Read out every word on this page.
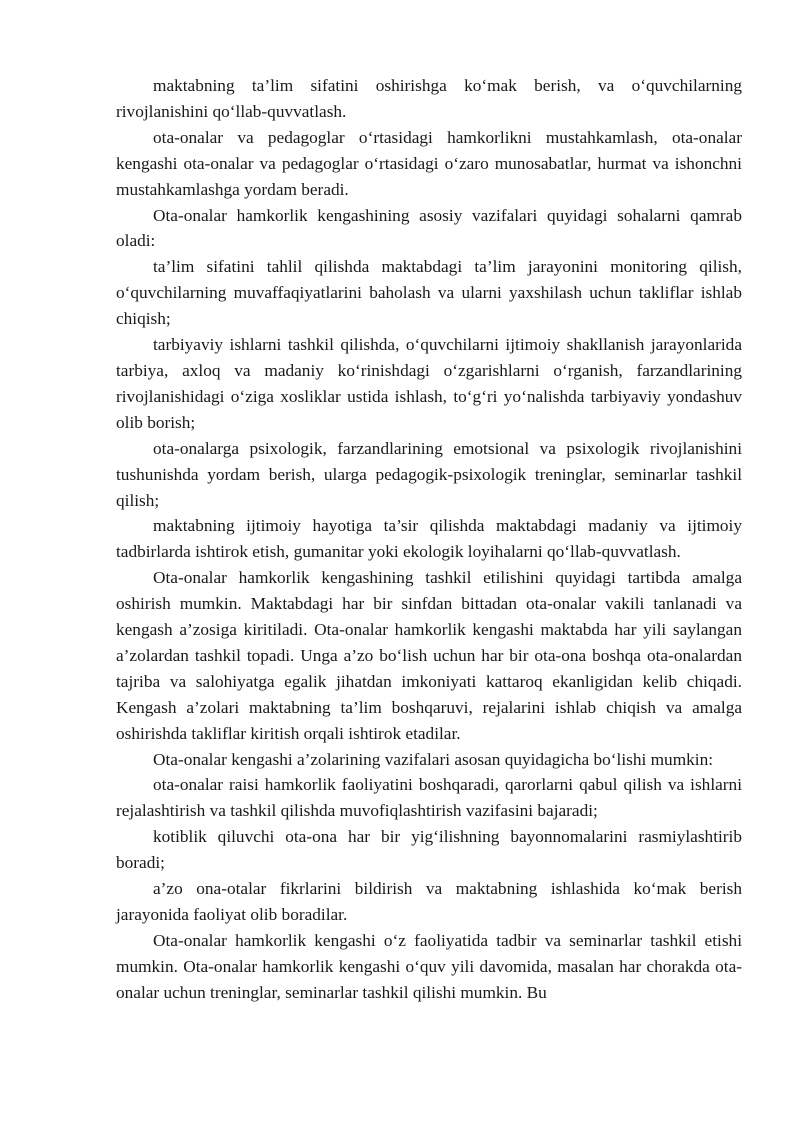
maktabning ta’lim sifatini oshirishga ko‘mak berish, va o‘quvchilarning rivojlanishini qo‘llab-quvvatlash.

ota-onalar va pedagoglar o‘rtasidagi hamkorlikni mustahkamlash, ota-onalar kengashi ota-onalar va pedagoglar o‘rtasidagi o‘zaro munosabatlar, hurmat va ishonchni mustahkamlashga yordam beradi.

Ota-onalar hamkorlik kengashining asosiy vazifalari quyidagi sohalarni qamrab oladi:

ta’lim sifatini tahlil qilishda maktabdagi ta’lim jarayonini monitoring qilish, o‘quvchilarning muvaffaqiyatlarini baholash va ularni yaxshilash uchun takliflar ishlab chiqish;

tarbiyaviy ishlarni tashkil qilishda, o‘quvchilarni ijtimoiy shakllanish jarayonlarida tarbiya, axloq va madaniy ko‘rinishdagi o‘zgarishlarni o‘rganish, farzandlarining rivojlanishidagi o‘ziga xosliklar ustida ishlash, to‘g‘ri yo‘nalishda tarbiyaviy yondashuv olib borish;

ota-onalarga psixologik, farzandlarining emotsional va psixologik rivojlanishini tushunishda yordam berish, ularga pedagogik-psixologik treninglar, seminarlar tashkil qilish;

maktabning ijtimoiy hayotiga ta’sir qilishda maktabdagi madaniy va ijtimoiy tadbirlarda ishtirok etish, gumanitar yoki ekologik loyihalarni qo‘llab-quvvatlash.

Ota-onalar hamkorlik kengashining tashkil etilishini quyidagi tartibda amalga oshirish mumkin. Maktabdagi har bir sinfdan bittadan ota-onalar vakili tanlanadi va kengash a’zosiga kiritiladi. Ota-onalar hamkorlik kengashi maktabda har yili saylangan a’zolardan tashkil topadi. Unga a’zo bo‘lish uchun har bir ota-ona boshqa ota-onalardan tajriba va salohiyatga egalik jihatdan imkoniyati kattaroq ekanligidan kelib chiqadi. Kengash a’zolari maktabning ta’lim boshqaruvi, rejalarini ishlab chiqish va amalga oshirishda takliflar kiritish orqali ishtirok etadilar.

Ota-onalar kengashi a’zolarining vazifalari asosan quyidagicha bo‘lishi mumkin:

ota-onalar raisi hamkorlik faoliyatini boshqaradi, qarorlarni qabul qilish va ishlarni rejalashtirish va tashkil qilishda muvofiqlashtirish vazifasini bajaradi;

kotiblik qiluvchi ota-ona har bir yig‘ilishning bayonnomalarini rasmiylashtirib boradi;

a’zo ona-otalar fikrlarini bildirish va maktabning ishlashida ko‘mak berish jarayonida faoliyat olib boradilar.

Ota-onalar hamkorlik kengashi o‘z faoliyatida tadbir va seminarlar tashkil etishi mumkin. Ota-onalar hamkorlik kengashi o‘quv yili davomida, masalan har chorakda ota-onalar uchun treninglar, seminarlar tashkil qilishi mumkin. Bu
